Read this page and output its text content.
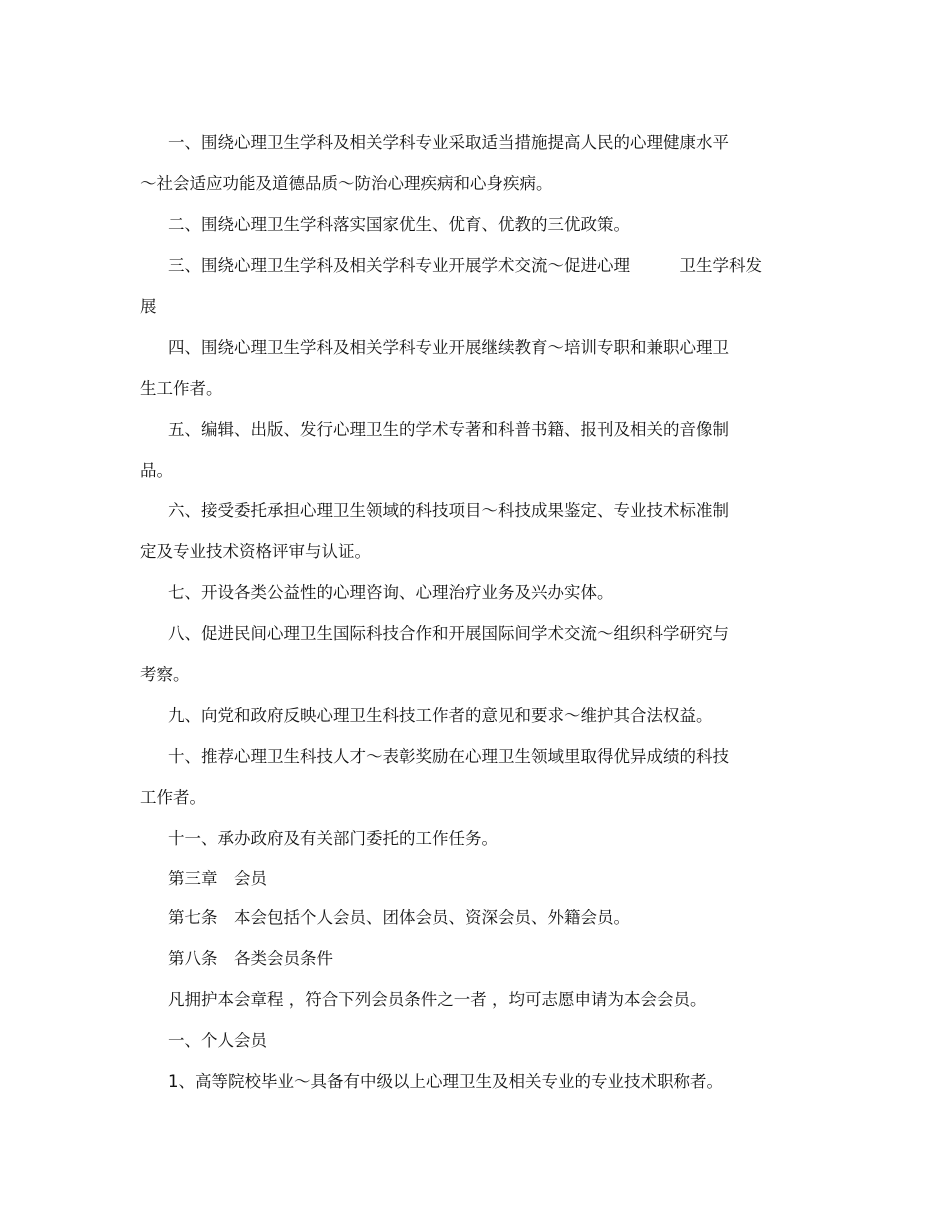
一、围绕心理卫生学科及相关学科专业采取适当措施提高人民的心理健康水平

～社会适应功能及道德品质～防治心理疾病和心身疾病。

二、围绕心理卫生学科落实国家优生、优育、优教的三优政策。

三、围绕心理卫生学科及相关学科专业开展学术交流～促进心理　　　卫生学科发

展

四、围绕心理卫生学科及相关学科专业开展继续教育～培训专职和兼职心理卫

生工作者。

五、编辑、出版、发行心理卫生的学术专著和科普书籍、报刊及相关的音像制

品。

六、接受委托承担心理卫生领域的科技项目～科技成果鉴定、专业技术标准制

定及专业技术资格评审与认证。

七、开设各类公益性的心理咨询、心理治疗业务及兴办实体。

八、促进民间心理卫生国际科技合作和开展国际间学术交流～组织科学研究与

考察。

九、向党和政府反映心理卫生科技工作者的意见和要求～维护其合法权益。

十、推荐心理卫生科技人才～表彰奖励在心理卫生领域里取得优异成绩的科技

工作者。

十一、承办政府及有关部门委托的工作任务。

第三章　会员

第七条　本会包括个人会员、团体会员、资深会员、外籍会员。

第八条　各类会员条件

凡拥护本会章程 ，符合下列会员条件之一者 ，均可志愿申请为本会会员。

一、个人会员

1、高等院校毕业～具备有中级以上心理卫生及相关专业的专业技术职称者。
